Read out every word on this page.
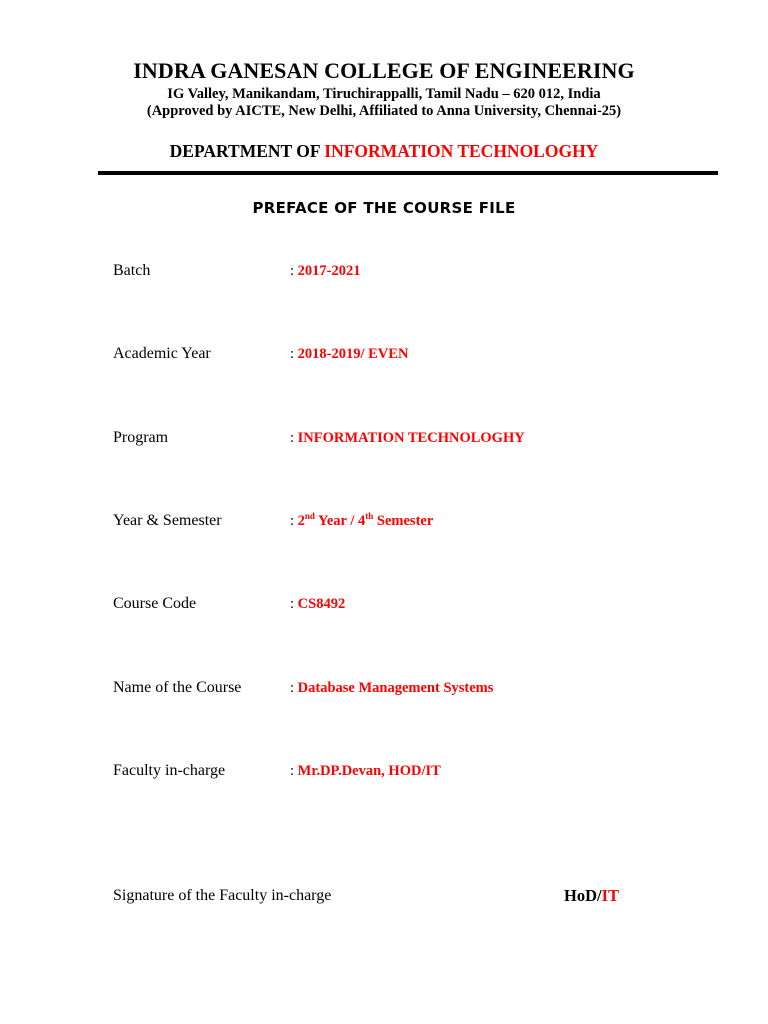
INDRA GANESAN COLLEGE OF ENGINEERING
IG Valley, Manikandam, Tiruchirappalli, Tamil Nadu – 620 012, India
(Approved by AICTE, New Delhi, Affiliated to Anna University, Chennai-25)
DEPARTMENT OF INFORMATION TECHNOLOGHY
PREFACE OF THE COURSE FILE
Batch	: 2017-2021
Academic Year	: 2018-2019/ EVEN
Program	: INFORMATION TECHNOLOGHY
Year & Semester	: 2nd Year / 4th Semester
Course Code	: CS8492
Name of the Course	: Database Management Systems
Faculty in-charge	: Mr.DP.Devan, HOD/IT
Signature of the Faculty in-charge	HoD/IT
